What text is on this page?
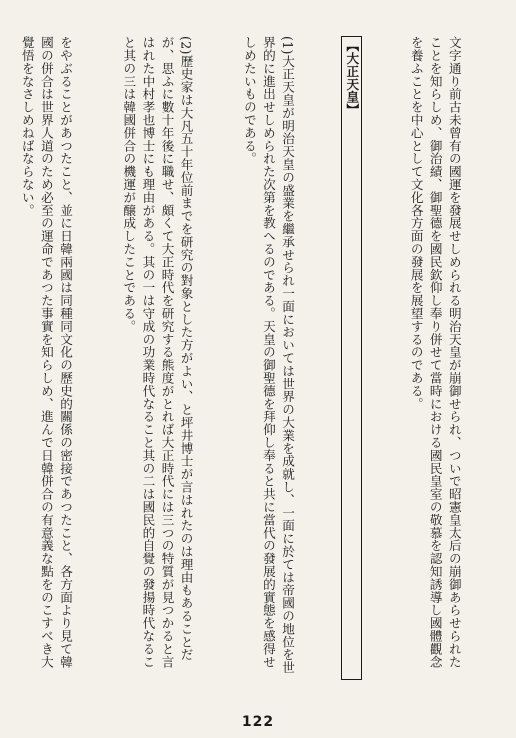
文字通り前古未曾有の國運を發展せしめられる明治天皇が崩御せられ、ついで昭憲皇太后の崩御あらせられたことを知らしめ、御治績、御聖德を國民欽仰し奉り併せて當時における國民皇室の敬慕を認知誘導し國體觀念を養ふことを中心として文化各方面の發展を展望するのである。

【大正天皇】

(1)大正天皇が明治天皇の盛業を繼承せられ一面においては世界の大業を成就し、一面に於ては帝國の地位を世界的に進出せしめられた次第を教へるのである。天皇の御聖德を拜仰し奉ると共に當代の發展的實態を感得せしめたいものである。

(2)歷史家は大凡五十年位前までを研究の對象とした方がよい、と坪井博士が言はれたのは理由もあることだが、思ふに數十年後に職せ、頗くて大正時代を研究する熊度がとれば大正時代には三つの特質が見つかると言はれた中村孝也博士にも理由がある。其の一は守成の功業時代なること其の二は國民的自覺の發揚時代なること其の三は韓國併合の機運が醸成したことである。

をやぶることがあつたこと、並に日韓兩國は同種同文化の歷史的關係の密接であつたこと、各方面より見て韓國の併合は世界人道のため必至の運命であつた事實を知らしめ、進んで日韓併合の有意義な點をのこすべき大覺悟をなさしめねばならない。

122
